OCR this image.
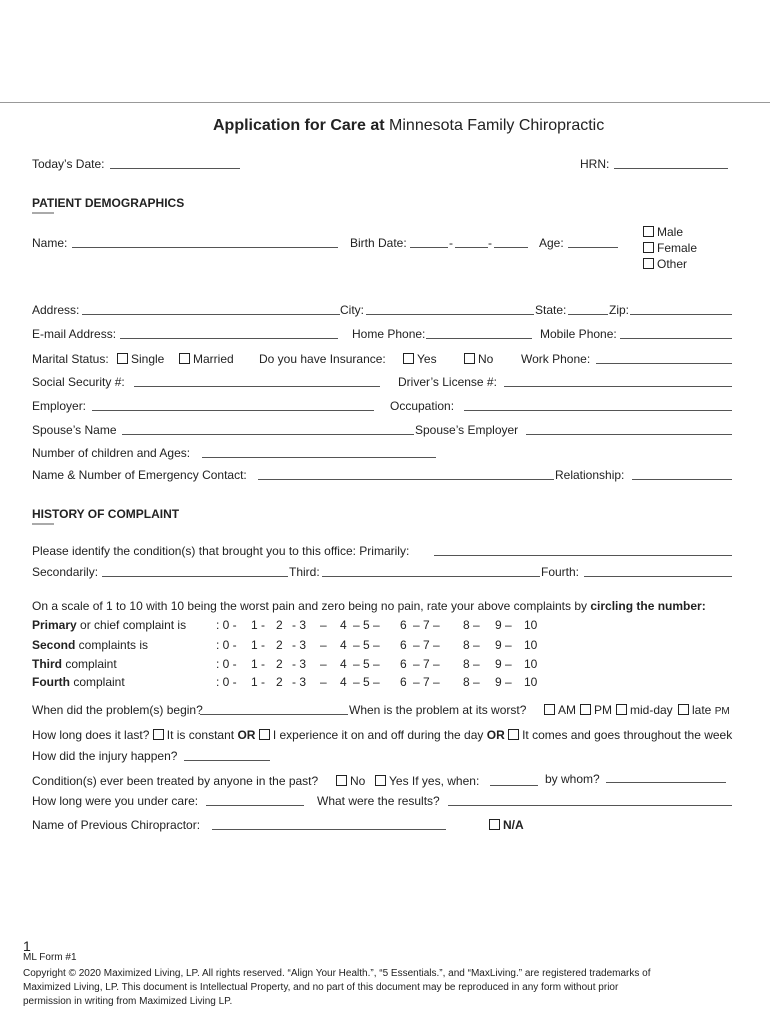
Application for Care at Minnesota Family Chiropractic
Today’s Date:	HRN:
PATIENT DEMOGRAPHICS
Name:	Birth Date:	-	-	Age:
Male
Female
Other
Address:	City:	State:	Zip:
E-mail Address:	Home Phone:	Mobile Phone:
Marital Status:	Single	Married Do you have Insurance:	Yes	No Work Phone:
Social Security #:	Driver’s License #:
Employer:	Occupation:
Spouse’s Name	Spouse’s Employer
Number of children and Ages:
Name & Number of Emergency Contact:	Relationship:
HISTORY OF COMPLAINT
Please identify the condition(s) that brought you to this office: Primarily:
Secondarily:	Third:	Fourth:
On a scale of 1 to 10 with 10 being the worst pain and zero being no pain, rate your above complaints by circling the number:
Primary or chief complaint is : 0 - 1 - 2 - 3 – 4 – 5 – 6 – 7 – 8 – 9 – 10
Second complaints is	: 0 - 1 - 2 - 3 – 4 – 5 – 6 – 7 – 8 – 9 – 10
Third complaint	: 0 - 1 - 2 - 3 – 4 – 5 – 6 – 7 – 8 – 9 – 10
Fourth complaint	: 0 - 1 - 2 - 3 – 4 – 5 – 6 – 7 – 8 – 9 – 10
When did the problem(s) begin?	When is the problem at its worst?	AM	PM	mid-day	late PM
How long does it last? It is constant OR I experience it on and off during the day OR It comes and goes throughout the week
How did the injury happen?
Condition(s) ever been treated by anyone in the past?	No	Yes If yes, when:	by whom?
How long were you under care:	What were the results?
Name of Previous Chiropractor:	N/A
1
ML Form #1
Copyright © 2020 Maximized Living, LP. All rights reserved. “Align Your Health.”, “5 Essentials.”, and “MaxLiving.” are registered trademarks of
Maximized Living, LP. This document is Intellectual Property, and no part of this document may be reproduced in any form without prior
permission in writing from Maximized Living LP.
